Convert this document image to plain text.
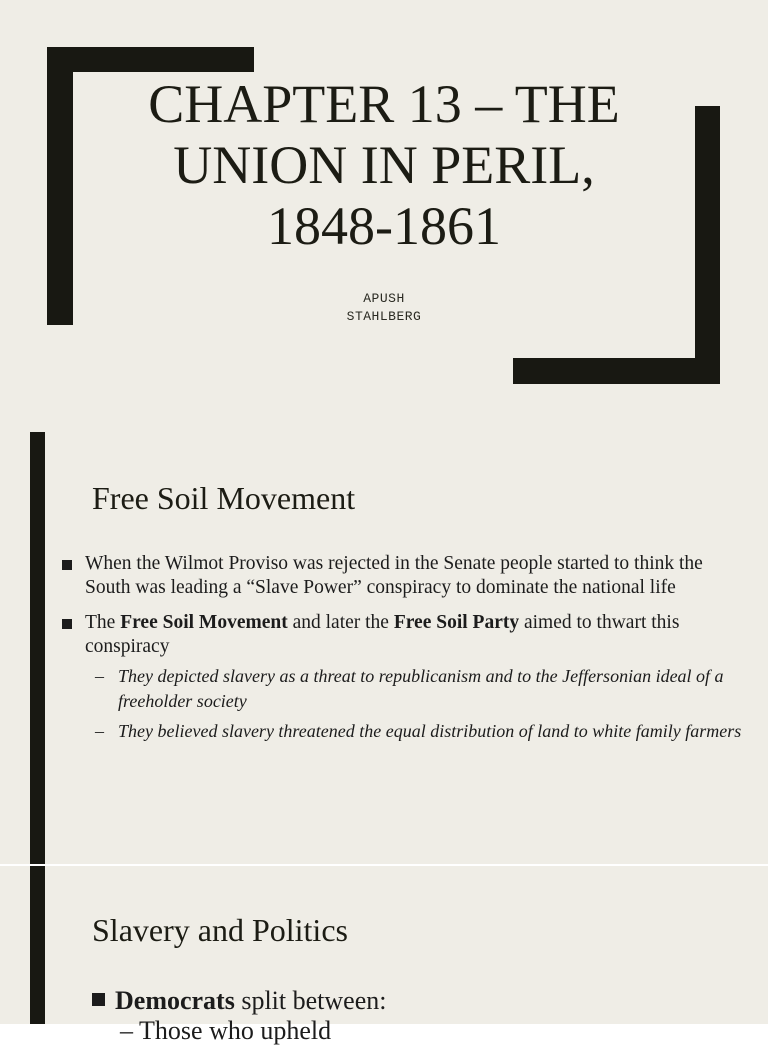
CHAPTER 13 – THE
UNION IN PERIL,
1848-1861
APUSH
STAHLBERG
Free Soil Movement
When the Wilmot Proviso was rejected in the Senate people started to think the South was leading a “Slave Power” conspiracy to dominate the national life
The Free Soil Movement and later the Free Soil Party aimed to thwart this conspiracy
– They depicted slavery as a threat to republicanism and to the Jeffersonian ideal of a freeholder society
– They believed slavery threatened the equal distribution of land to white family farmers
Slavery and Politics
Democrats split between:
– Those who upheld
